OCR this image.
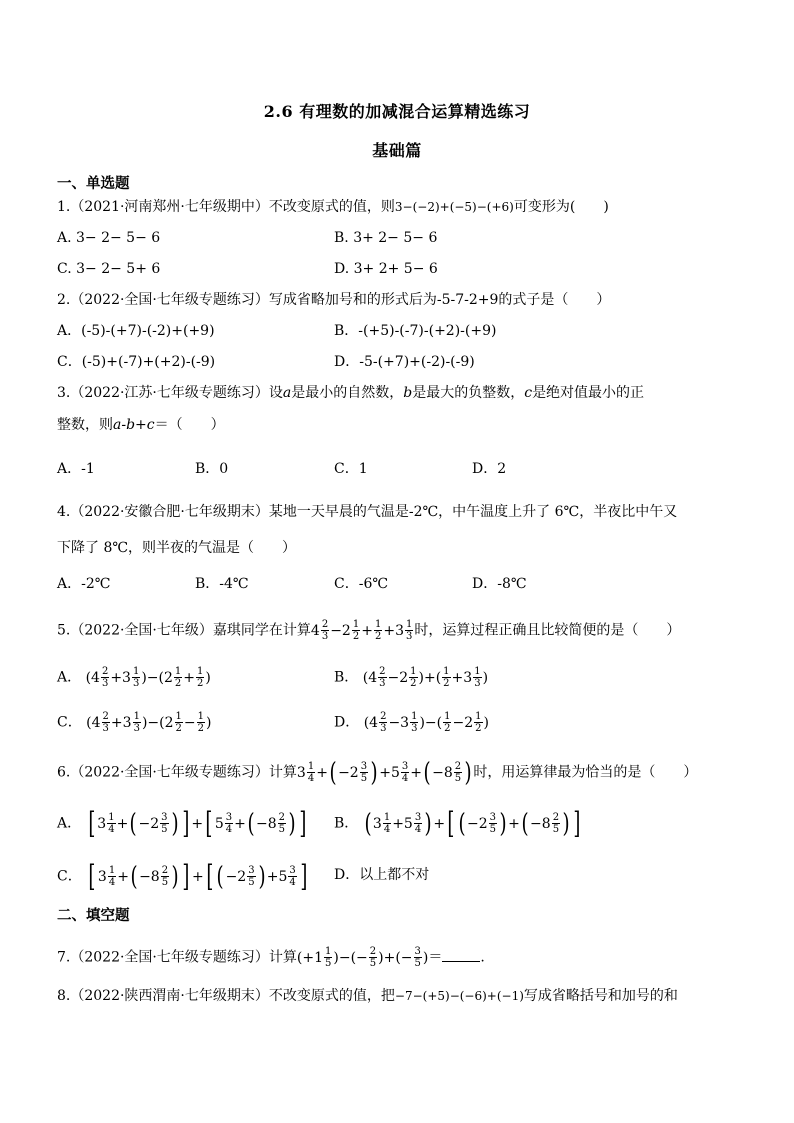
2.6 有理数的加减混合运算精选练习
基础篇
一、单选题
1.（2021·河南郑州·七年级期中）不改变原式的值，则3−(−2)+(−5)−(+6)可变形为(　　)
A. 3− 2− 5− 6	B. 3+ 2− 5− 6
C. 3− 2− 5+ 6	D. 3+ 2+ 5− 6
2.（2022·全国·七年级专题练习）写成省略加号和的形式后为-5-7-2+9的式子是（　　）
A．(-5)-(+7)-(-2)+(+9)	B．-(+5)-(-7)-(+2)-(+9)
C．(-5)+(-7)+(+2)-(-9)	D．-5-(+7)+(-2)-(-9)
3.（2022·江苏·七年级专题练习）设a是最小的自然数，b是最大的负整数，c是绝对值最小的正
整数，则a-b+c＝（　　）
A．-1	B．0	C．1	D．2
4.（2022·安徽合肥·七年级期末）某地一天早晨的气温是-2℃，中午温度上升了 6℃，半夜比中午又
下降了 8℃，则半夜的气温是（　　）
A．-2℃	B．-4℃	C．-6℃	D．-8℃
5.（2022·全国·七年级）嘉琪同学在计算 $4 \frac{2}{3} - 2 \frac{1}{2} + \frac{1}{2} + 3 \frac{1}{3}$ 时，运算过程正确且比较简便的是（　　）
A． $(4 \frac{2}{3} +3 \frac{1}{3} )-(2 \frac{1}{2} + \frac{1}{2}$ )	B． ($4 \frac{2}{3} -2 \frac{1}{2}$ )+( $\frac{1}{2} +3 \frac{1}{3}$ )
C． $(4 \frac{2}{3} +3 \frac{1}{3} )-(2 \frac{1}{2} - \frac{1}{2}$ )	D． ($4 \frac{2}{3} -3 \frac{1}{3}$ )−( $\frac{1}{2} -2 \frac{1}{2}$ )
6.（2022·全国·七年级专题练习）计算$3 \frac{1}{4}$ + ( $-2 \frac{3}{5}$ ) $+5 \frac{3}{4}$ + ( $-8 \frac{2}{5}$ ) 时，用运算律最为恰当的是（　　）
A． [ $3 \frac{1}{4}$ + ( $-2 \frac{3}{5}$ ) ] + [ $5 \frac{3}{4}$ + ( $-8 \frac{2}{5}$ ) ] B． ( $3 \frac{1}{4} +5 \frac{3}{4}$ ) + [ ( $-2 \frac{3}{5}$ ) + ( $-8 \frac{2}{5}$ ) ]
C． [ $3 \frac{1}{4}$ + ( $-8 \frac{2}{5}$ ) ] + [ ( $-2 \frac{3}{5}$ ) $+5 \frac{3}{4}$ ] D．以上都不对
二、填空题
7.（2022·全国·七年级专题练习）计算($+1 \frac{1}{5}$ )−(− $\frac{2}{5}$ )+(− $\frac{3}{5}$ )＝	.
8.（2022·陕西渭南·七年级期末）不改变原式的值，把−7−(+5)−(−6)+(−1)写成省略括号和加号的和
